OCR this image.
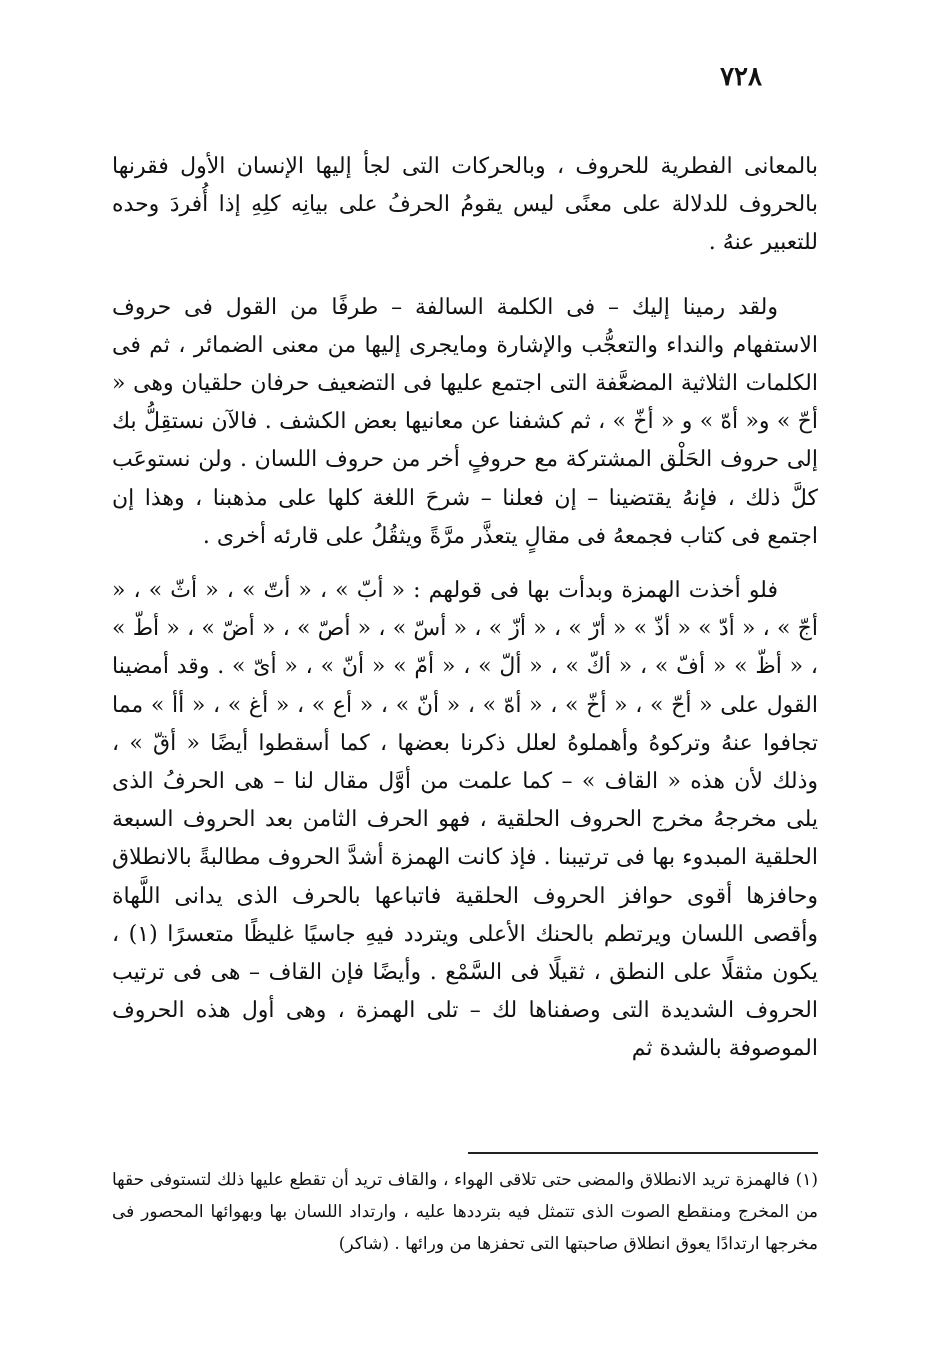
٧٢٨

بالمعانى الفطرية للحروف ، وبالحركات التى لجأ إليها الإنسان الأول فقرنها بالحروف للدلالة على معنًى ليس يقومُ الحرفُ على بيانِه كلِهِ إذا أُفردَ وحده للتعبير عنهُ .

ولقد رمينا إليك – فى الكلمة السالفة – طرفًا من القول فى حروف الاستفهام والنداء والتعجُّب والإشارة ومايجرى إليها من معنى الضمائر ، ثم فى الكلمات الثلاثية المضعَّفة التى اجتمع عليها فى التضعيف حرفان حلقيان وهى « أحّ » و« أهّ » و « أخّ » ، ثم كشفنا عن معانيها بعض الكشف . فالآن نستقِلُّ بك إلى حروف الحَلْق المشتركة مع حروفٍ أخر من حروف اللسان . ولن نستوعَب كلَّ ذلك ، فإنهُ يقتضينا – إن فعلنا – شرحَ اللغة كلها على مذهبنا ، وهذا إن اجتمع فى كتاب فجمعهُ فى مقالٍ يتعذَّر مرَّةً ويثقُلُ على قارئه أخرى .

فلو أخذت الهمزة وبدأت بها فى قولهم : « أبّ » ، « أتّ » ، « أثّ » ، « أجّ » ، « أدّ » « أذّ » « أرّ » ، « أزّ » ، « أسّ » ، « أصّ » ، « أضّ » ، « أطّ » ، « أظّ » « أفّ » ، « أكّ » ، « ألّ » ، « أمّ » « أنّ » ، « أىّ » . وقد أمضينا القول على « أحّ » ، « أخّ » ، « أهّ » ، « أنّ » ، « أع » ، « أغ » ، « أأ » مما تجافوا عنهُ وتركوهُ وأهملوهُ لعلل ذكرنا بعضها ، كما أسقطوا أيضًا « أقّ » ، وذلك لأن هذه « القاف » – كما علمت من أوَّل مقال لنا – هى الحرفُ الذى يلى مخرجهُ مخرج الحروف الحلقية ، فهو الحرف الثامن بعد الحروف السبعة الحلقية المبدوء بها فى ترتيبنا . فإذ كانت الهمزة أشدَّ الحروف مطالبةً بالانطلاق وحافزها أقوى حوافز الحروف الحلقية فاتباعها بالحرف الذى يدانى اللَّهاة وأقصى اللسان ويرتطم بالحنك الأعلى ويتردد فيهِ جاسيًا غليظًا متعسرًا (١) ، يكون مثقلًا على النطق ، ثقيلًا فى السَّمْع . وأيضًا فإن القاف – هى فى ترتيب الحروف الشديدة التى وصفناها لك – تلى الهمزة ، وهى أول هذه الحروف الموصوفة بالشدة ثم

(١) فالهمزة تريد الانطلاق والمضى حتى تلاقى الهواء ، والقاف تريد أن تقطع عليها ذلك لتستوفى حقها من المخرج ومنقطع الصوت الذى تتمثل فيه بترددها عليه ، وارتداد اللسان بها وبهوائها المحصور فى مخرجها ارتدادًا يعوق انطلاق صاحبتها التى تحفزها من ورائها . (شاكر)
